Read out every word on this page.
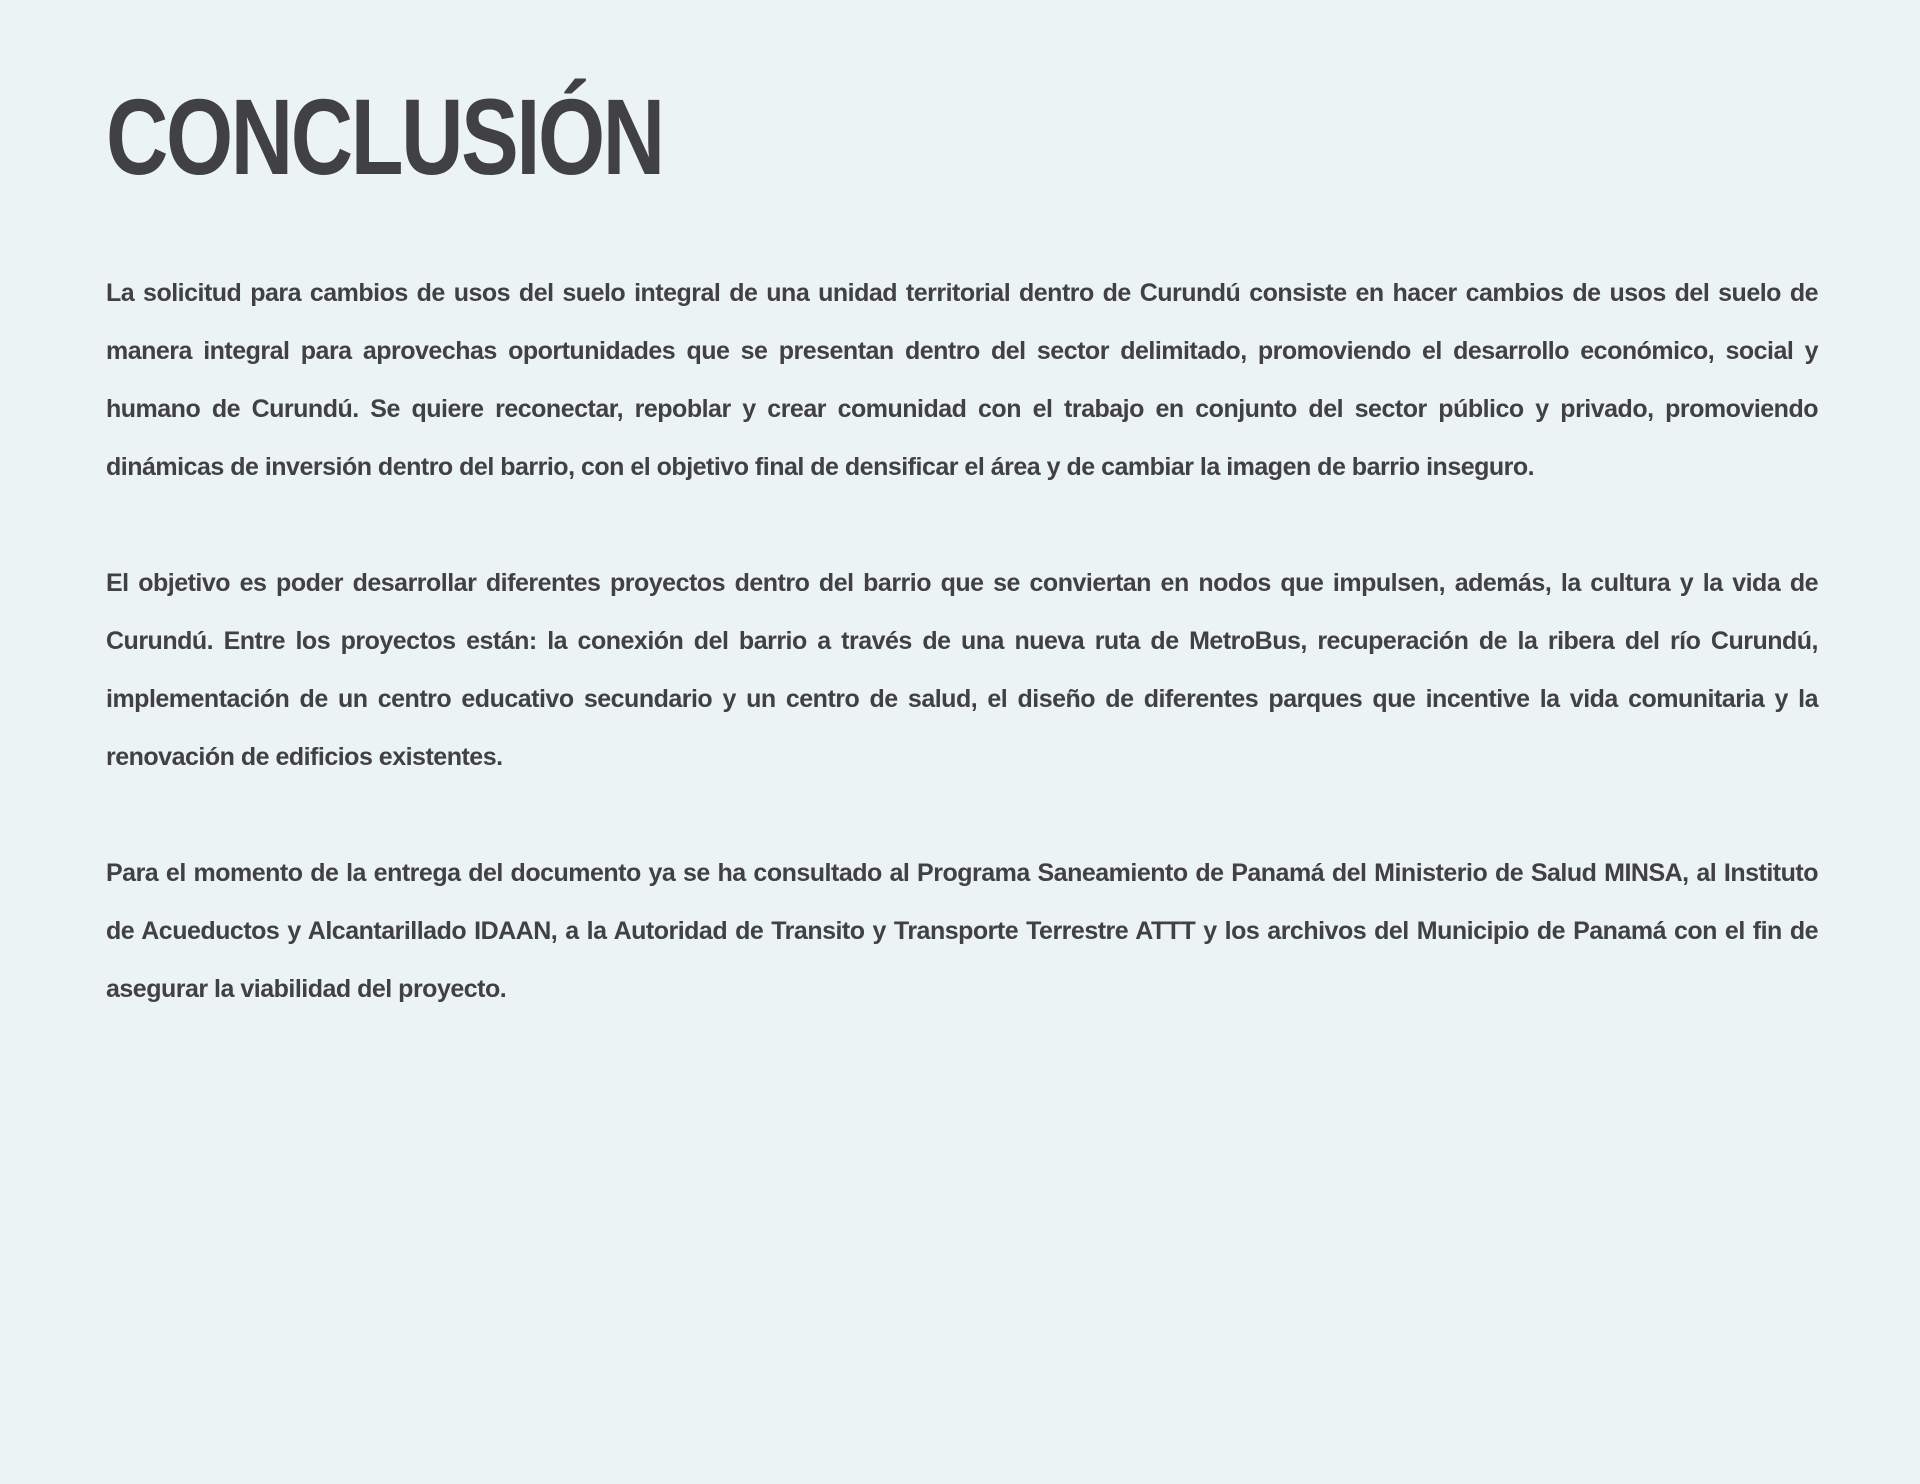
CONCLUSIÓN

La solicitud para cambios de usos del suelo integral de una unidad territorial dentro de Curundú consiste en hacer cambios de usos del suelo de manera integral para aprovechas oportunidades que se presentan dentro del sector delimitado, promoviendo el desarrollo económico, social y humano de Curundú. Se quiere reconectar, repoblar y crear comunidad con el trabajo en conjunto del sector público y privado, promoviendo dinámicas de inversión dentro del barrio, con el objetivo final de densificar el área y de cambiar la imagen de barrio inseguro.

El objetivo es poder desarrollar diferentes proyectos dentro del barrio que se conviertan en nodos que impulsen, además, la cultura y la vida de Curundú. Entre los proyectos están: la conexión del barrio a través de una nueva ruta de MetroBus, recuperación de la ribera del río Curundú, implementación de un centro educativo secundario y un centro de salud, el diseño de diferentes parques que incentive la vida comunitaria y la renovación de edificios existentes.

Para el momento de la entrega del documento ya se ha consultado al Programa Saneamiento de Panamá del Ministerio de Salud MINSA, al Instituto de Acueductos y Alcantarillado IDAAN, a la Autoridad de Transito y Transporte Terrestre ATTT y los archivos del Municipio de Panamá con el fin de asegurar la viabilidad del proyecto.
